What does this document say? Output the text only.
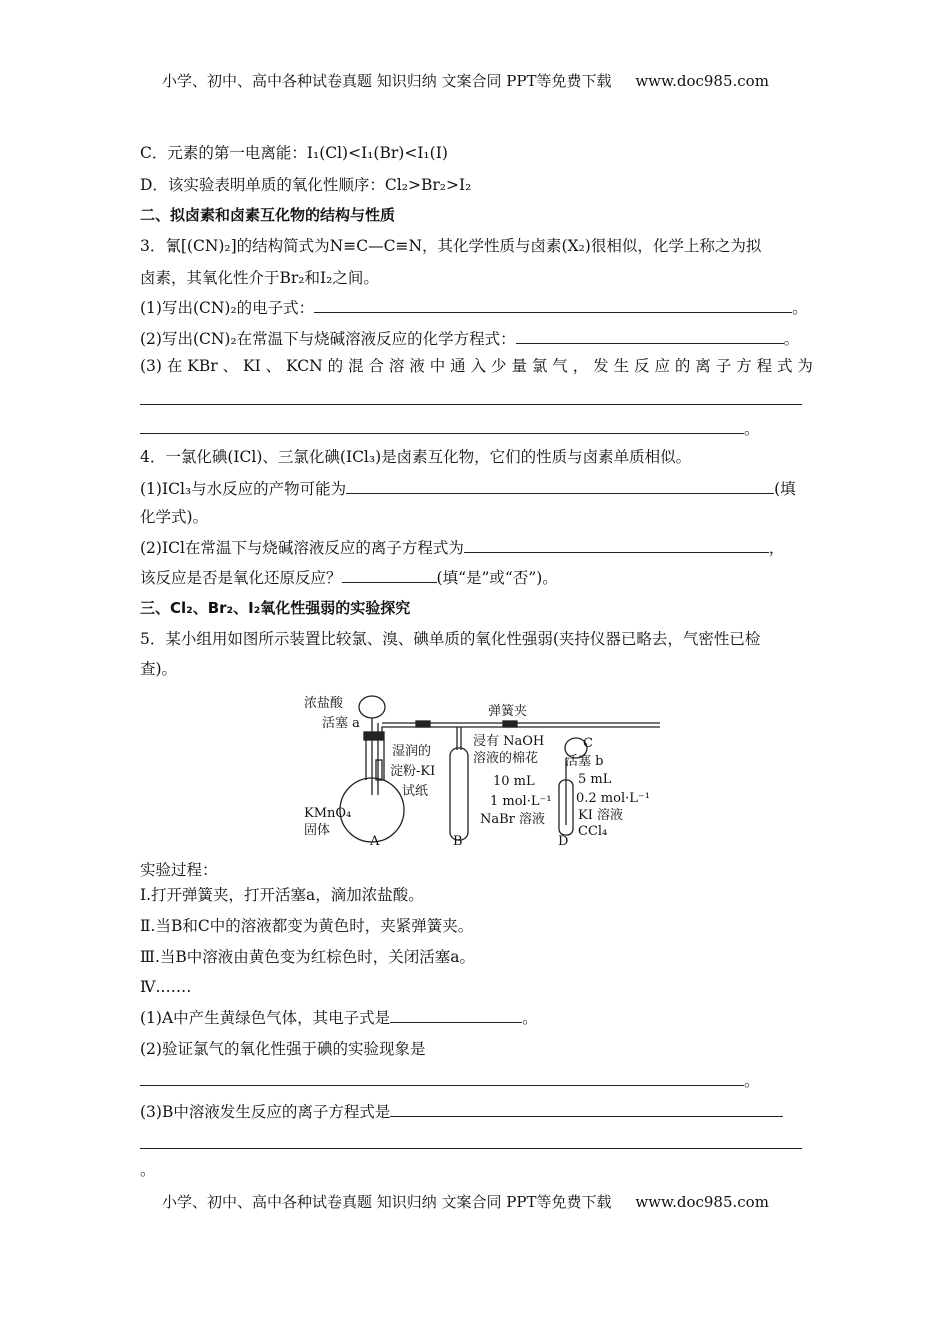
小学、初中、高中各种试卷真题 知识归纳 文案合同 PPT等免费下载 www.doc985.com
C．元素的第一电离能：I₁(Cl)<I₁(Br)<I₁(I)
D．该实验表明单质的氧化性顺序：Cl₂>Br₂>I₂
二、拟卤素和卤素互化物的结构与性质
3．氰[(CN)₂]的结构简式为N≡C—C≡N，其化学性质与卤素(X₂)很相似，化学上称之为拟
卤素，其氧化性介于Br₂和I₂之间。
(1)写出(CN)₂的电子式：	。
(2)写出(CN)₂在常温下与烧碱溶液反应的化学方程式：	。
(3) 在 KBr 、 KI 、 KCN 的 混 合 溶 液 中 通 入 少 量 氯 气 ， 发 生 反 应 的 离 子 方 程 式 为
。
4．一氯化碘(ICl)、三氯化碘(ICl₃)是卤素互化物，它们的性质与卤素单质相似。
(1)ICl₃与水反应的产物可能为	(填
化学式)。
(2)ICl在常温下与烧碱溶液反应的离子方程式为	，
该反应是否是氧化还原反应？	(填“是”或“否”)。
三、Cl₂、Br₂、I₂氧化性强弱的实验探究
5．某小组用如图所示装置比较氯、溴、碘单质的氧化性强弱(夹持仪器已略去，气密性已检
查)。
浓盐酸
活塞 a
弹簧夹
浸有 NaOH
溶液的棉花
C
活塞 b
湿润的
淀粉-KI
试纸
KMnO₄
固体
10 mL
1 mol·L⁻¹
NaBr 溶液
5 mL
0.2 mol·L⁻¹
KI 溶液
CCl₄
A	B	D
实验过程：
Ⅰ.打开弹簧夹，打开活塞a，滴加浓盐酸。
Ⅱ.当B和C中的溶液都变为黄色时，夹紧弹簧夹。
Ⅲ.当B中溶液由黄色变为红棕色时，关闭活塞a。
Ⅳ.……
(1)A中产生黄绿色气体，其电子式是	。
(2)验证氯气的氧化性强于碘的实验现象是
。
(3)B中溶液发生反应的离子方程式是
。
小学、初中、高中各种试卷真题 知识归纳 文案合同 PPT等免费下载 www.doc985.com
